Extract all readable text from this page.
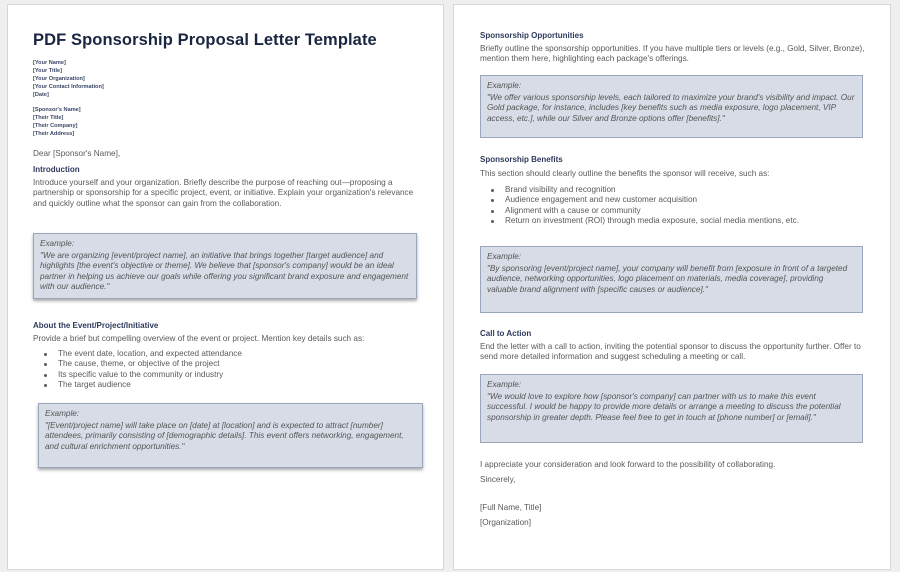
PDF Sponsorship Proposal Letter Template
[Your Name]
[Your Title]
[Your Organization]
[Your Contact Information]
[Date]
[Sponsor's Name]
[Their Title]
[Their Company]
[Their Address]
Dear [Sponsor's Name],
Introduction
Introduce yourself and your organization. Briefly describe the purpose of reaching out—proposing a partnership or sponsorship for a specific project, event, or initiative. Explain your organization's relevance and quickly outline what the sponsor can gain from the collaboration.
Example:
"We are organizing [event/project name], an initiative that brings together [target audience] and highlights [the event's objective or theme]. We believe that [sponsor's company] would be an ideal partner in helping us achieve our goals while offering you significant brand exposure and engagement with our audience."
About the Event/Project/Initiative
Provide a brief but compelling overview of the event or project. Mention key details such as:
The event date, location, and expected attendance
The cause, theme, or objective of the project
Its specific value to the community or industry
The target audience
Example:
"[Event/project name] will take place on [date] at [location] and is expected to attract [number] attendees, primarily consisting of [demographic details]. This event offers networking, engagement, and cultural enrichment opportunities."
Sponsorship Opportunities
Briefly outline the sponsorship opportunities. If you have multiple tiers or levels (e.g., Gold, Silver, Bronze), mention them here, highlighting each package's offerings.
Example:
"We offer various sponsorship levels, each tailored to maximize your brand's visibility and impact. Our Gold package, for instance, includes [key benefits such as media exposure, logo placement, VIP access, etc.], while our Silver and Bronze options offer [benefits]."
Sponsorship Benefits
This section should clearly outline the benefits the sponsor will receive, such as:
Brand visibility and recognition
Audience engagement and new customer acquisition
Alignment with a cause or community
Return on investment (ROI) through media exposure, social media mentions, etc.
Example:
"By sponsoring [event/project name], your company will benefit from [exposure in front of a targeted audience, networking opportunities, logo placement on materials, media coverage], providing valuable brand alignment with [specific causes or audience]."
Call to Action
End the letter with a call to action, inviting the potential sponsor to discuss the opportunity further. Offer to send more detailed information and suggest scheduling a meeting or call.
Example:
"We would love to explore how [sponsor's company] can partner with us to make this event successful. I would be happy to provide more details or arrange a meeting to discuss the potential sponsorship in greater depth. Please feel free to get in touch at [phone number] or [email]."
I appreciate your consideration and look forward to the possibility of collaborating.
Sincerely,
[Full Name, Title]
[Organization]
